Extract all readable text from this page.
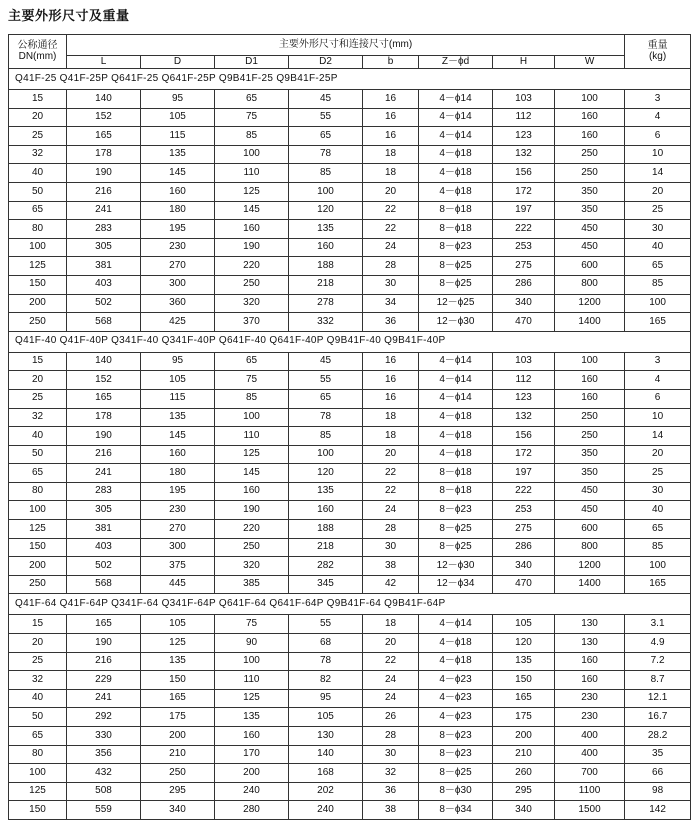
主要外形尺寸及重量
公称通径
DN(mm)	主要外形尺寸和连接尺寸(mm)								重量
(kg)
	L	D	D1	D2	b	Z－ϕd	H	W	
Q41F-25 Q41F-25P Q641F-25 Q641F-25P Q9B41F-25 Q9B41F-25P									
15	140	95	65	45	16	4－ϕ14	103	100	3
20	152	105	75	55	16	4－ϕ14	112	160	4
25	165	115	85	65	16	4－ϕ14	123	160	6
32	178	135	100	78	18	4－ϕ18	132	250	10
40	190	145	110	85	18	4－ϕ18	156	250	14
50	216	160	125	100	20	4－ϕ18	172	350	20
65	241	180	145	120	22	8－ϕ18	197	350	25
80	283	195	160	135	22	8－ϕ18	222	450	30
100	305	230	190	160	24	8－ϕ23	253	450	40
125	381	270	220	188	28	8－ϕ25	275	600	65
150	403	300	250	218	30	8－ϕ25	286	800	85
200	502	360	320	278	34	12－ϕ25	340	1200	100
250	568	425	370	332	36	12－ϕ30	470	1400	165
Q41F-40 Q41F-40P Q341F-40 Q341F-40P Q641F-40 Q641F-40P Q9B41F-40 Q9B41F-40P									
15	140	95	65	45	16	4－ϕ14	103	100	3
20	152	105	75	55	16	4－ϕ14	112	160	4
25	165	115	85	65	16	4－ϕ14	123	160	6
32	178	135	100	78	18	4－ϕ18	132	250	10
40	190	145	110	85	18	4－ϕ18	156	250	14
50	216	160	125	100	20	4－ϕ18	172	350	20
65	241	180	145	120	22	8－ϕ18	197	350	25
80	283	195	160	135	22	8－ϕ18	222	450	30
100	305	230	190	160	24	8－ϕ23	253	450	40
125	381	270	220	188	28	8－ϕ25	275	600	65
150	403	300	250	218	30	8－ϕ25	286	800	85
200	502	375	320	282	38	12－ϕ30	340	1200	100
250	568	445	385	345	42	12－ϕ34	470	1400	165
Q41F-64 Q41F-64P Q341F-64 Q341F-64P Q641F-64 Q641F-64P Q9B41F-64 Q9B41F-64P									
15	165	105	75	55	18	4－ϕ14	105	130	3.1
20	190	125	90	68	20	4－ϕ18	120	130	4.9
25	216	135	100	78	22	4－ϕ18	135	160	7.2
32	229	150	110	82	24	4－ϕ23	150	160	8.7
40	241	165	125	95	24	4－ϕ23	165	230	12.1
50	292	175	135	105	26	4－ϕ23	175	230	16.7
65	330	200	160	130	28	8－ϕ23	200	400	28.2
80	356	210	170	140	30	8－ϕ23	210	400	35
100	432	250	200	168	32	8－ϕ25	260	700	66
125	508	295	240	202	36	8－ϕ30	295	1100	98
150	559	340	280	240	38	8－ϕ34	340	1500	142
